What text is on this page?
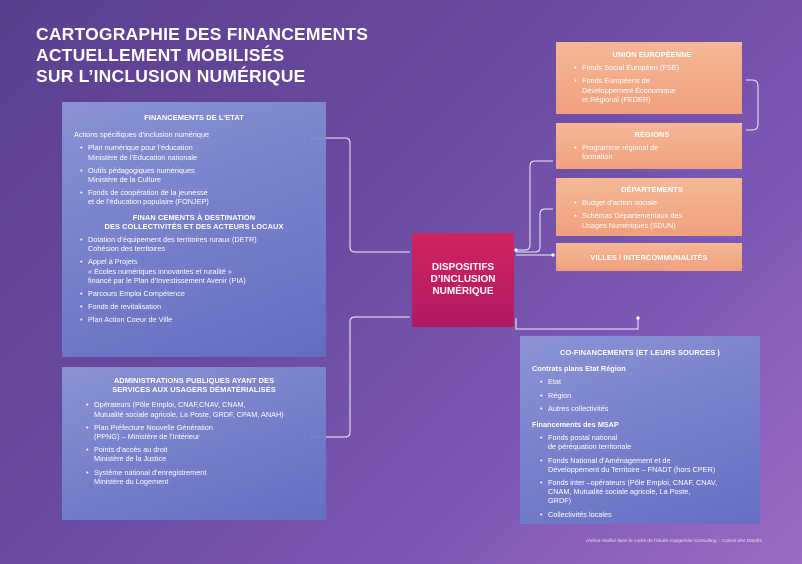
CARTOGRAPHIE DES FINANCEMENTS
ACTUELLEMENT MOBILISÉS
SUR L’INCLUSION NUMÉRIQUE
FINANCEMENTS DE L’ETAT
Actions spécifiques d’inclusion numérique
• Plan numérique pour l’éducation
Ministère de l’Education nationale
• Outils pédagogiques numériques
Ministère de la Culture
• Fonds de coopération de la jeunesse
et de l’éducation populaire (FONJEP)
FINAN CEMENTS À DESTINATION
DES COLLECTIVITÉS ET DES ACTEURS LOCAUX
• Dotation d’équipement des territoires ruraux (DETR)
Cohésion des territoires
• Appel à Projets
« Ecoles numériques innovantes et ruralité »
financé par le Plan d’Investissement Avenir (PIA)
• Parcours Emploi Compétence
• Fonds de revitalisation
• Plan Action Coeur de Ville
ADMINISTRATIONS PUBLIQUES AYANT DES
SERVICES AUX USAGERS DÉMATÉRIALISÉS
• Opérateurs (Pôle Emploi, CNAF,CNAV, CNAM,
Mutualité sociale agricole, La Poste, GRDF, CPAM, ANAH)
• Plan Préfecture Nouvelle Génération
(PPNG) – Ministère de l’Intérieur
• Points d’accès au droit
Ministère de la Justice
• Système national d’enregistrement
Ministère du Logement
DISPOSITIFS
D’INCLUSION
NUMÉRIQUE
UNION EUROPÉENNE
• Fonds Social Européen (FSE)
• Fonds Européens de
Développement Économique
et Régional (FEDER)
RÉGIONS
• Programme régional de
formation
DÉPARTEMENTS
• Budget d’action sociale
• Schémas Départementaux des
Usages Numériques (SDUN)
VILLES / INTERCOMMUNALITÉS
CO-FINANCEMENTS (ET LEURS SOURCES )
Contrats plans Etat Région
• Etat
• Région
• Autres collectivités
Financements des MSAP
• Fonds postal national
de péréquation territoriale
• Fonds National d’Aménagement et de
Développement du Territoire – FNADT (hors CPER)
• Fonds inter –opérateurs (Pôle Emploi, CNAF, CNAV,
CNAM, Mutualité sociale agricole, La Poste,
GRDF)
• Collectivités locales
chéma réalisé dans le cadre de l’étude Capgemini Consulting – Caisse des Dépôts
